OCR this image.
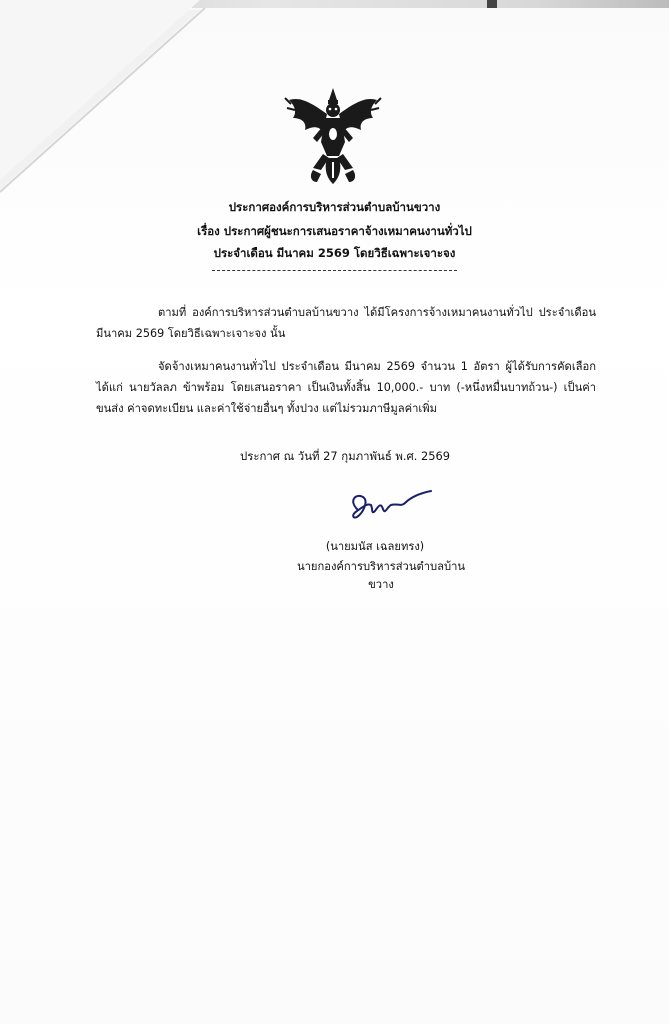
ประกาศองค์การบริหารส่วนตำบลบ้านขวาง
เรื่อง ประกาศผู้ชนะการเสนอราคาจ้างเหมาคนงานทั่วไป
ประจำเดือน มีนาคม 2569 โดยวิธีเฉพาะเจาะจง
ตามที่ องค์การบริหารส่วนตำบลบ้านขวาง ได้มีโครงการจ้างเหมาคนงานทั่วไป ประจำเดือน มีนาคม 2569 โดยวิธีเฉพาะเจาะจง นั้น
จัดจ้างเหมาคนงานทั่วไป ประจำเดือน มีนาคม 2569 จำนวน 1 อัตรา ผู้ได้รับการคัดเลือก ได้แก่ นายวัลลภ ข้าพร้อม โดยเสนอราคา เป็นเงินทั้งสิ้น 10,000.- บาท (-หนึ่งหมื่นบาทถ้วน-) เป็นค่าขนส่ง ค่าจดทะเบียน และค่าใช้จ่ายอื่นๆ ทั้งปวง แต่ไม่รวมภาษีมูลค่าเพิ่ม
ประกาศ ณ วันที่ 27 กุมภาพันธ์ พ.ศ. 2569
(นายมนัส เฉลยทรง)
นายกองค์การบริหารส่วนตำบลบ้านขวาง
